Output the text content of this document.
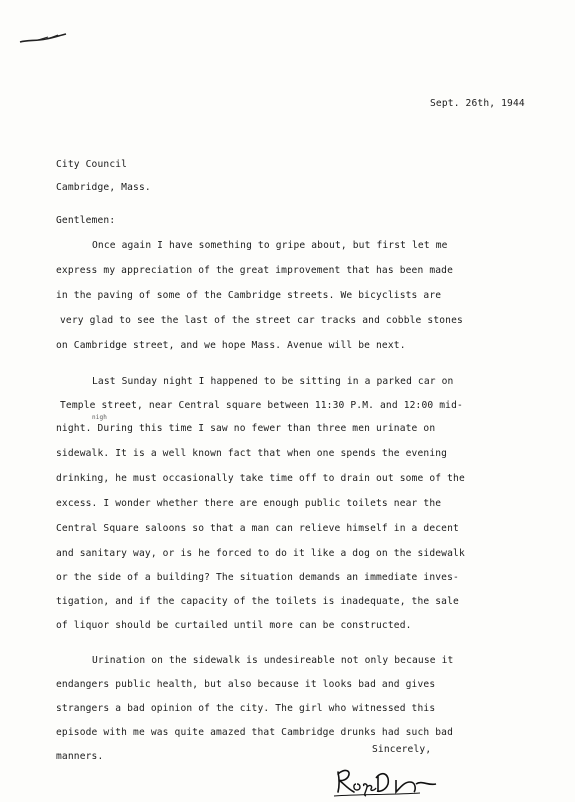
Sept. 26th, 1944
City Council
Cambridge, Mass.
Gentlemen:
Once again I have something to gripe about, but first let me
express my appreciation of the great improvement that has been made
in the paving of some of the Cambridge streets. We bicyclists are
very glad to see the last of the street car tracks and cobble stones
on Cambridge street, and we hope Mass. Avenue will be next.
Last Sunday night I happened to be sitting in a parked car on
Temple street, near Central square between 11:30 P.M. and 12:00 mid-
nigh
night. During this time I saw no fewer than three men urinate on
sidewalk. It is a well known fact that when one spends the evening
drinking, he must occasionally take time off to drain out some of the
excess. I wonder whether there are enough public toilets near the
Central Square saloons so that a man can relieve himself in a decent
and sanitary way, or is he forced to do it like a dog on the sidewalk
or the side of a building? The situation demands an immediate inves-
tigation, and if the capacity of the toilets is inadequate, the sale
of liquor should be curtailed until more can be constructed.
Urination on the sidewalk is undesireable not only because it
endangers public health, but also because it looks bad and gives
strangers a bad opinion of the city. The girl who witnessed this
episode with me was quite amazed that Cambridge drunks had such bad
manners.
Sincerely,
